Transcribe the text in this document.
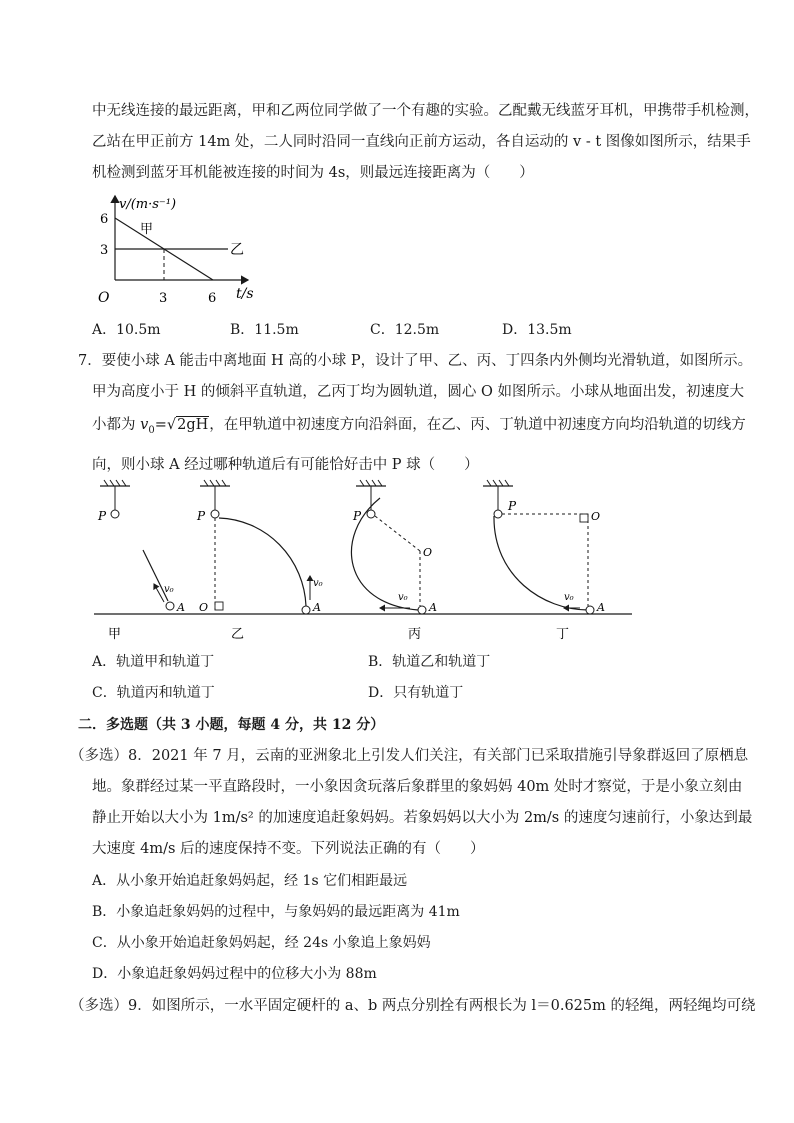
中无线连接的最远距离，甲和乙两位同学做了一个有趣的实验。乙配戴无线蓝牙耳机，甲携带手机检测，
乙站在甲正前方 14m 处，二人同时沿同一直线向正前方运动，各自运动的 v - t 图像如图所示，结果手
机检测到蓝牙耳机能被连接的时间为 4s，则最远连接距离为（　　）
v/(m·s⁻¹)
t/s
O
6
3
3	6
甲
乙
A．10.5m	B．11.5m	C．12.5m	D．13.5m
7．要使小球 A 能击中离地面 H 高的小球 P，设计了甲、乙、丙、丁四条内外侧均光滑轨道，如图所示。
甲为高度小于 H 的倾斜平直轨道，乙丙丁均为圆轨道，圆心 O 如图所示。小球从地面出发，初速度大
小都为 $v_0=√2gH$，在甲轨道中初速度方向沿斜面，在乙、丙、丁轨道中初速度方向均沿轨道的切线方
向，则小球 A 经过哪种轨道后有可能恰好击中 P 球（　　）
P
v₀
A
甲
P
v₀
A
O
乙
P
v₀
A
O
丙
P
v₀
A
O
丁
A．轨道甲和轨道丁	B．轨道乙和轨道丁
C．轨道丙和轨道丁	D．只有轨道丁
二．多选题（共 3 小题，每题 4 分，共 12 分）
（多选）8．2021 年 7 月，云南的亚洲象北上引发人们关注，有关部门已采取措施引导象群返回了原栖息
地。象群经过某一平直路段时，一小象因贪玩落后象群里的象妈妈 40m 处时才察觉，于是小象立刻由
静止开始以大小为 1m/s² 的加速度追赶象妈妈。若象妈妈以大小为 2m/s 的速度匀速前行，小象达到最
大速度 4m/s 后的速度保持不变。下列说法正确的有（　　）
A．从小象开始追赶象妈妈起，经 1s 它们相距最远
B．小象追赶象妈妈的过程中，与象妈妈的最远距离为 41m
C．从小象开始追赶象妈妈起，经 24s 小象追上象妈妈
D．小象追赶象妈妈过程中的位移大小为 88m
（多选）9．如图所示，一水平固定硬杆的 a、b 两点分别拴有两根长为 l＝0.625m 的轻绳，两轻绳均可绕
